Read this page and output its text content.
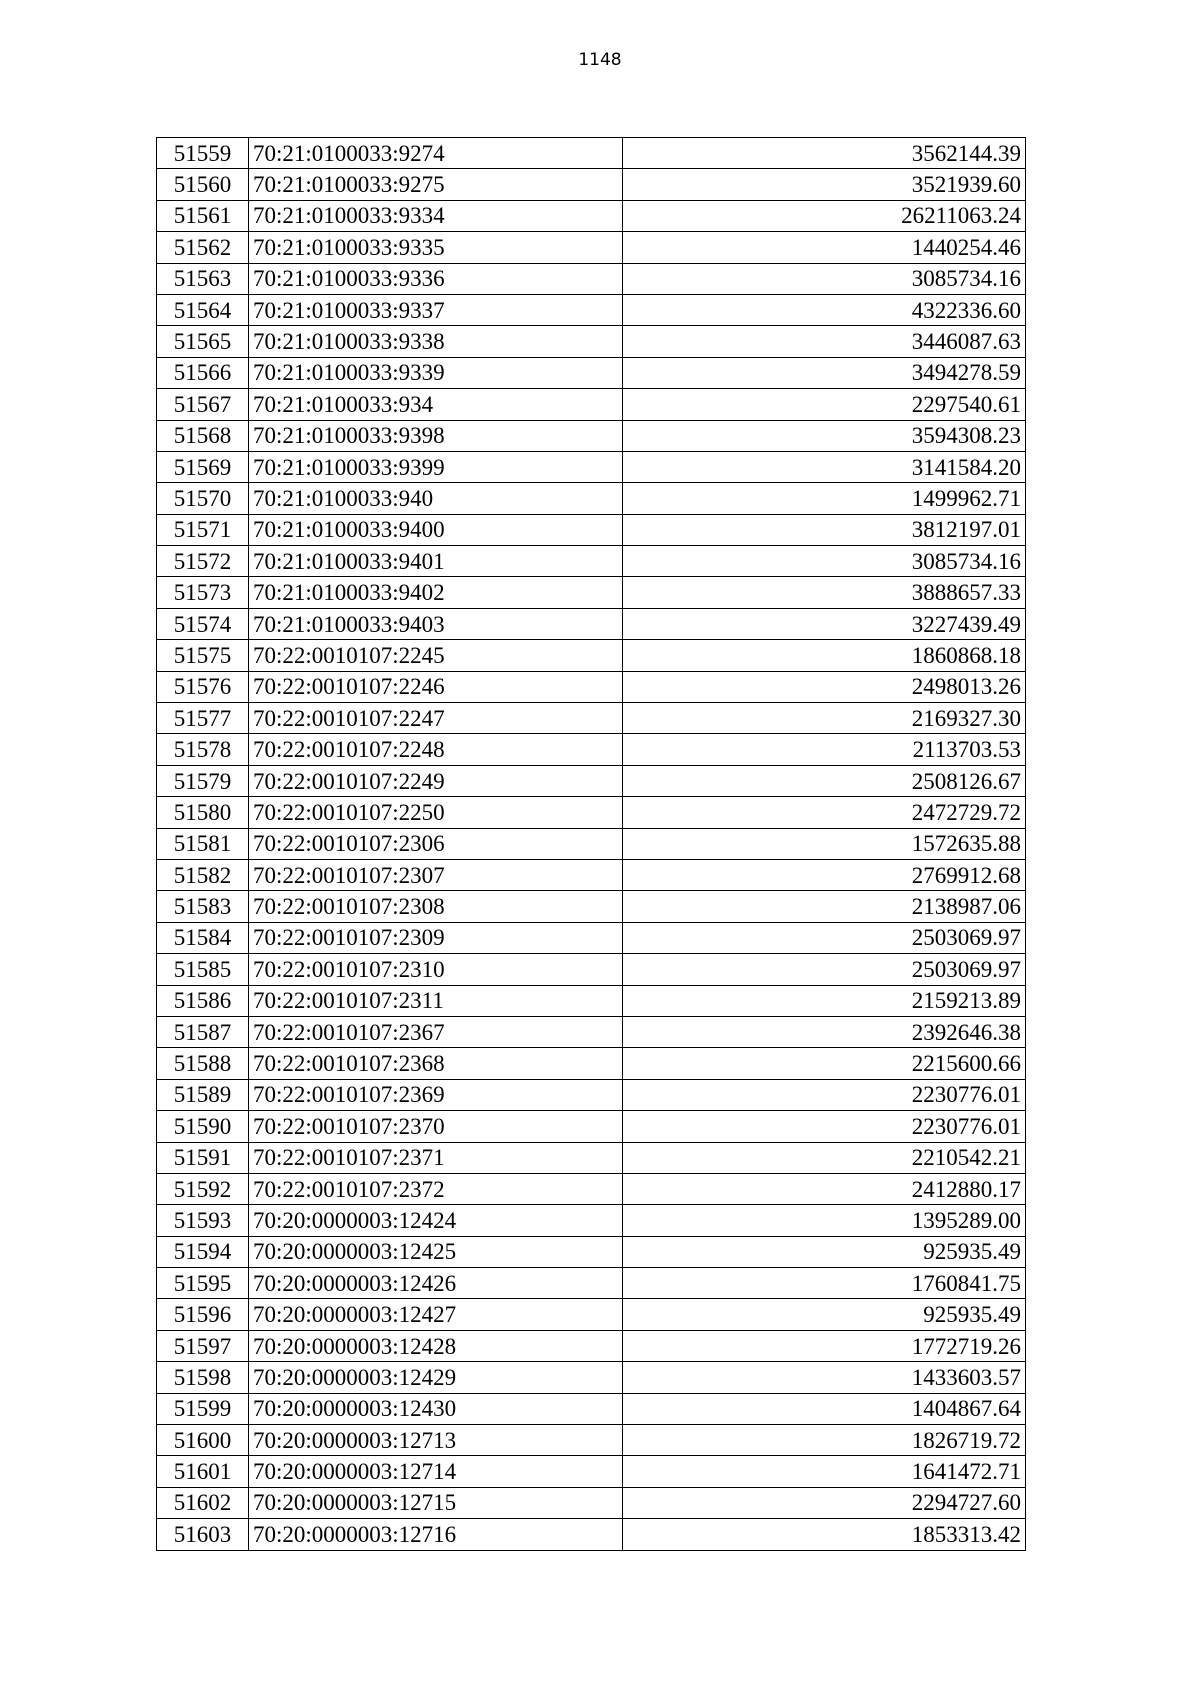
1148
51559	70:21:0100033:9274	3562144.39
51560	70:21:0100033:9275	3521939.60
51561	70:21:0100033:9334	26211063.24
51562	70:21:0100033:9335	1440254.46
51563	70:21:0100033:9336	3085734.16
51564	70:21:0100033:9337	4322336.60
51565	70:21:0100033:9338	3446087.63
51566	70:21:0100033:9339	3494278.59
51567	70:21:0100033:934	2297540.61
51568	70:21:0100033:9398	3594308.23
51569	70:21:0100033:9399	3141584.20
51570	70:21:0100033:940	1499962.71
51571	70:21:0100033:9400	3812197.01
51572	70:21:0100033:9401	3085734.16
51573	70:21:0100033:9402	3888657.33
51574	70:21:0100033:9403	3227439.49
51575	70:22:0010107:2245	1860868.18
51576	70:22:0010107:2246	2498013.26
51577	70:22:0010107:2247	2169327.30
51578	70:22:0010107:2248	2113703.53
51579	70:22:0010107:2249	2508126.67
51580	70:22:0010107:2250	2472729.72
51581	70:22:0010107:2306	1572635.88
51582	70:22:0010107:2307	2769912.68
51583	70:22:0010107:2308	2138987.06
51584	70:22:0010107:2309	2503069.97
51585	70:22:0010107:2310	2503069.97
51586	70:22:0010107:2311	2159213.89
51587	70:22:0010107:2367	2392646.38
51588	70:22:0010107:2368	2215600.66
51589	70:22:0010107:2369	2230776.01
51590	70:22:0010107:2370	2230776.01
51591	70:22:0010107:2371	2210542.21
51592	70:22:0010107:2372	2412880.17
51593	70:20:0000003:12424	1395289.00
51594	70:20:0000003:12425	925935.49
51595	70:20:0000003:12426	1760841.75
51596	70:20:0000003:12427	925935.49
51597	70:20:0000003:12428	1772719.26
51598	70:20:0000003:12429	1433603.57
51599	70:20:0000003:12430	1404867.64
51600	70:20:0000003:12713	1826719.72
51601	70:20:0000003:12714	1641472.71
51602	70:20:0000003:12715	2294727.60
51603	70:20:0000003:12716	1853313.42
